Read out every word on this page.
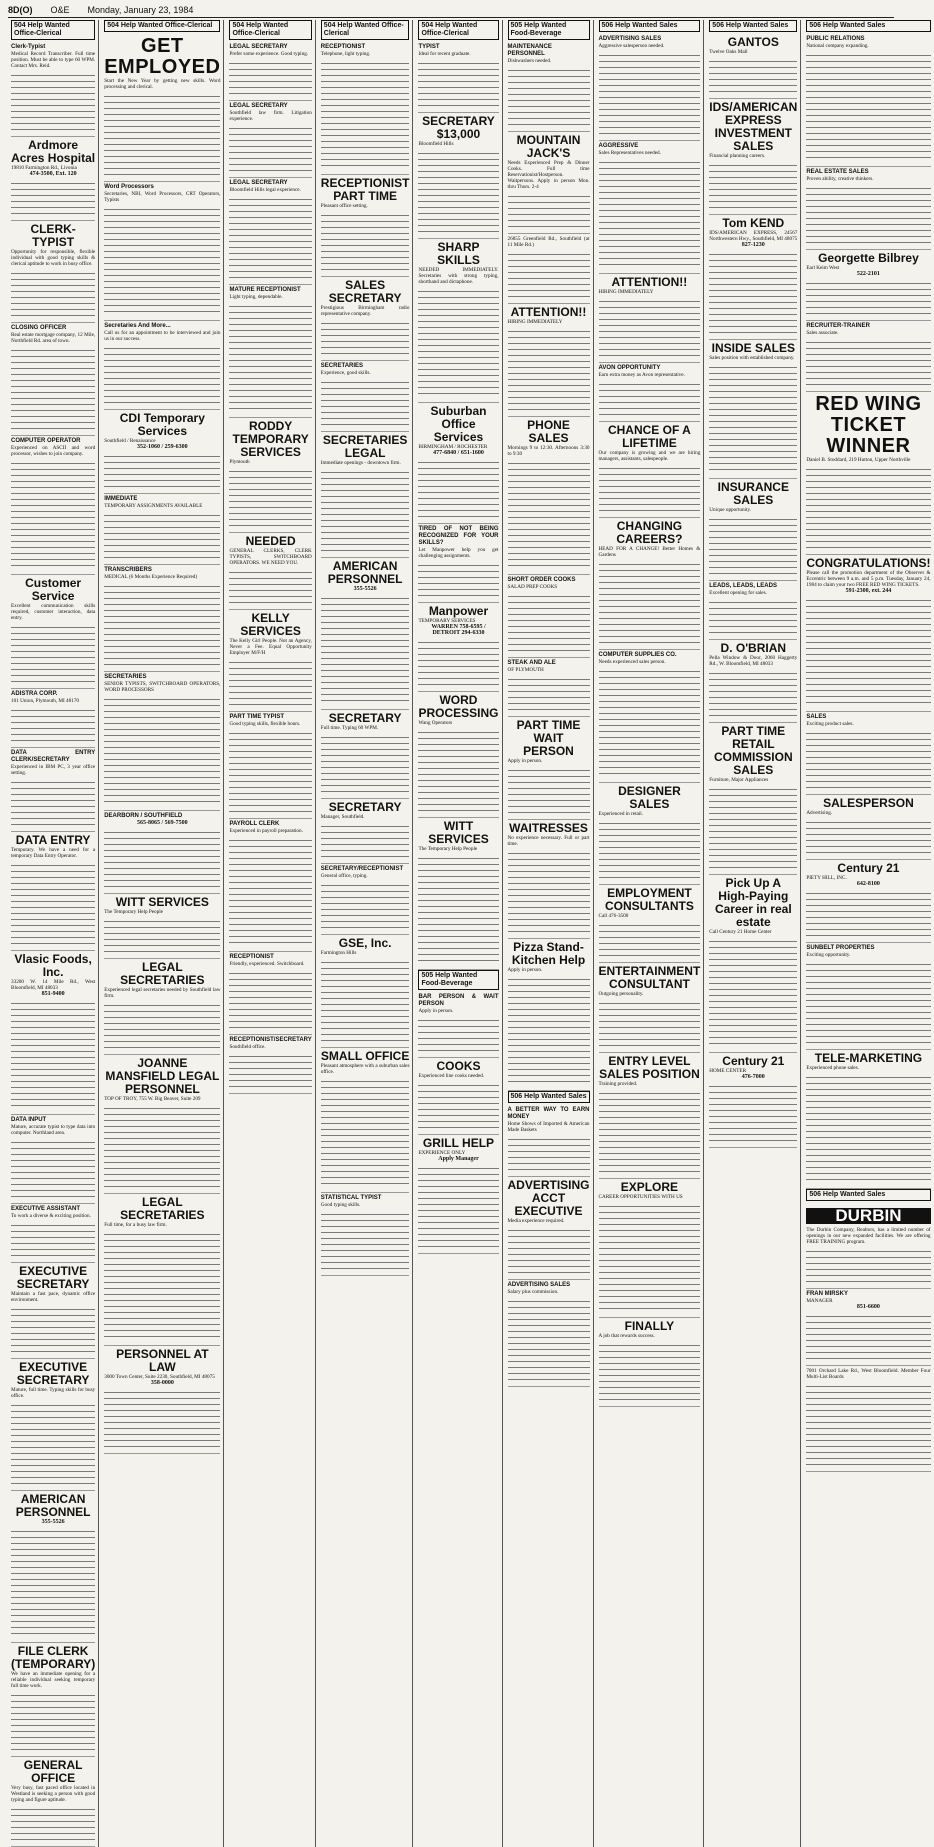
8D(O) O&E Monday, January 23, 1984
504 Help Wanted Office-Clerical
Clerk-Typist
Medical Record Transcriber. Full time position. Must be able to type 60 WPM. Contact Mrs. Reid.
Ardmore Acres Hospital
19810 Farmington Rd., Livonia
474-3500, Ext. 120
CLERK-TYPIST
Opportunity for responsible, flexible individual with good typing skills & clerical aptitude to work in busy office.
CLOSING OFFICER
Real estate mortgage company, 12 Mile, Northfield Rd. area of town.
COMPUTER OPERATOR
Experienced on ASCII and word processor, wishes to join company.
Customer Service
Excellent communication skills required, customer interaction, data entry.
ADISTRA CORP.
101 Union, Plymouth, MI 48170
DATA ENTRY CLERK/SECRETARY
Experienced in IBM PC, 3 year office setting.
DATA ENTRY
Temporary. We have a need for a temporary Data Entry Operator.
Vlasic Foods, Inc.
33200 W. 14 Mile Rd., West Bloomfield, MI 48033
851-9400
DATA INPUT
Mature, accurate typist to type data into computer. Northland area.
EXECUTIVE ASSISTANT
To work a diverse & exciting position.
EXECUTIVE SECRETARY
Maintain a fast pace, dynamic office environment.
EXECUTIVE SECRETARY
Mature, full time. Typing skills for busy office.
AMERICAN PERSONNEL
355-5526
FILE CLERK (TEMPORARY)
We have an immediate opening for a reliable individual seeking temporary full time work.
GENERAL OFFICE
Very busy, fast paced office located in Westland is seeking a person with good typing and figure aptitude.
504 Help Wanted Office-Clerical
GET EMPLOYED
Start the New Year by getting new skills. Word processing and clerical.
Word Processors
Secretaries, NBI, Word Processors, CRT Operators, Typists
Secretaries And More...
Call us for an appointment to be interviewed and join us in our success.
CDI Temporary Services
Southfield / Renaissance
352-1060 / 259-6300
IMMEDIATE
TEMPORARY ASSIGNMENTS AVAILABLE
TRANSCRIBERS
MEDICAL (6 Months Experience Required)
SECRETARIES
SENIOR TYPISTS, SWITCHBOARD OPERATORS, WORD PROCESSORS
DEARBORN / SOUTHFIELD
565-8065 / 569-7500
WITT SERVICES
The Temporary Help People
LEGAL SECRETARIES
Experienced legal secretaries needed by Southfield law firm.
JOANNE MANSFIELD LEGAL PERSONNEL
TOP OF TROY, 755 W. Big Beaver, Suite 209
LEGAL SECRETARIES
Full time, for a busy law firm.
PERSONNEL AT LAW
3000 Town Center, Suite 2230, Southfield, MI 48075
358-0000
504 Help Wanted Office-Clerical
LEGAL SECRETARY
Prefer some experience. Good typing.
LEGAL SECRETARY
Southfield law firm. Litigation experience.
LEGAL SECRETARY
Bloomfield Hills legal experience.
MATURE RECEPTIONIST
Light typing, dependable.
RODDY TEMPORARY SERVICES
Plymouth
NEEDED
GENERAL CLERKS, CLERK TYPISTS, SWITCHBOARD OPERATORS. WE NEED YOU.
KELLY SERVICES
The Kelly Girl People. Not an Agency, Never a Fee. Equal Opportunity Employer M/F/H
PART TIME TYPIST
Good typing skills, flexible hours.
PAYROLL CLERK
Experienced in payroll preparation.
RECEPTIONIST
Friendly, experienced. Switchboard.
RECEPTIONIST/SECRETARY
Southfield office.
504 Help Wanted Office-Clerical
RECEPTIONIST
Telephone, light typing.
RECEPTIONIST PART TIME
Pleasant office setting.
SALES SECRETARY
Prestigious Birmingham radio representative company.
SECRETARIES
Experience, good skills.
SECRETARIES LEGAL
Immediate openings - downtown firm.
AMERICAN PERSONNEL
355-5526
SECRETARY
Full time. Typing 60 WPM.
SECRETARY
Manager, Southfield.
SECRETARY/RECEPTIONIST
General office, typing.
GSE, Inc.
Farmington Hills
SMALL OFFICE
Pleasant atmosphere with a suburban sales office.
STATISTICAL TYPIST
Good typing skills.
504 Help Wanted Office-Clerical
TYPIST
Ideal for recent graduate.
SECRETARY $13,000
Bloomfield Hills
SHARP SKILLS
NEEDED IMMEDIATELY. Secretaries with strong typing, shorthand and dictaphone.
Suburban Office Services
BIRMINGHAM / ROCHESTER
477-6840 / 651-1600
TIRED OF NOT BEING RECOGNIZED FOR YOUR SKILLS?
Let Manpower help you get challenging assignments.
Manpower
TEMPORARY SERVICES
WARREN 758-6595 / DETROIT 294-6330
WORD PROCESSING
Wang Operators
WITT SERVICES
The Temporary Help People
505 Help Wanted Food-Beverage
BAR PERSON & WAIT PERSON
Apply in person.
COOKS
Experienced line cooks needed.
GRILL HELP
EXPERIENCE ONLY
Apply Manager
505 Help Wanted Food-Beverage
MAINTENANCE PERSONNEL
Dishwashers needed.
MOUNTAIN JACK'S
Needs Experienced Prep & Dinner Cooks. Full time Reservationist/Hostperson. Waitpersons. Apply in person Mon. thru Thurs. 2-4
26855 Greenfield Rd., Southfield (at 11 Mile Rd.)
ATTENTION!!
HIRING IMMEDIATELY
PHONE SALES
Mornings 9 to 12:30. Afternoons 3:30 to 9:30
SHORT ORDER COOKS
SALAD PREP COOKS
STEAK AND ALE
OF PLYMOUTH
PART TIME WAIT PERSON
Apply in person.
WAITRESSES
No experience necessary. Full or part time.
Pizza Stand-Kitchen Help
Apply in person.
506 Help Wanted Sales
A BETTER WAY TO EARN MONEY
Home Shows of Imported & American Made Baskets
ADVERTISING ACCT EXECUTIVE
Media experience required.
ADVERTISING SALES
Salary plus commission.
506 Help Wanted Sales
ADVERTISING SALES
Aggressive salesperson needed.
AGGRESSIVE
Sales Representatives needed.
ATTENTION!!
HIRING IMMEDIATELY
AVON OPPORTUNITY
Earn extra money as Avon representative.
CHANCE OF A LIFETIME
Our company is growing and we are hiring managers, assistants, salespeople.
CHANGING CAREERS?
HEAD FOR A CHANGE! Better Homes & Gardens
COMPUTER SUPPLIES CO.
Needs experienced sales person.
DESIGNER SALES
Experienced in retail.
EMPLOYMENT CONSULTANTS
Call 476-3500
ENTERTAINMENT CONSULTANT
Outgoing personality.
ENTRY LEVEL SALES POSITION
Training provided.
EXPLORE
CAREER OPPORTUNITIES WITH US
FINALLY
A job that rewards success.
506 Help Wanted Sales
GANTOS
Twelve Oaks Mall
IDS/AMERICAN EXPRESS INVESTMENT SALES
Financial planning careers.
Tom KEND
IDS/AMERICAN EXPRESS, 24567 Northwestern Hwy., Southfield, MI 48075
827-1230
INSIDE SALES
Sales position with established company.
INSURANCE SALES
Unique opportunity.
LEADS, LEADS, LEADS
Excellent opening for sales.
D. O'BRIAN
Pella Window & Door, 2060 Haggerty Rd., W. Bloomfield, MI 48033
PART TIME RETAIL COMMISSION SALES
Furniture, Major Appliances
Pick Up A High-Paying Career in real estate
Call Century 21 Home Center
Century 21
HOME CENTER
476-7000
506 Help Wanted Sales
PUBLIC RELATIONS
National company expanding.
REAL ESTATE SALES
Proven ability, creative thinkers.
Georgette Bilbrey
Earl Keim West
522-2101
RECRUITER-TRAINER
Sales associate.
RED WING TICKET WINNER
Daniel B. Stoddard, 219 Hutton, Upper Northville
CONGRATULATIONS!
Please call the promotion department of the Observer & Eccentric between 9 a.m. and 5 p.m. Tuesday, January 24, 1984 to claim your two FREE RED WING TICKETS.
591-2300, ext. 244
SALES
Exciting product sales.
SALESPERSON
Advertising.
Century 21
PIETY HILL, INC.
642-8100
SUNBELT PROPERTIES
Exciting opportunity.
TELE-MARKETING
Experienced phone sales.
506 Help Wanted Sales
DURBIN
The Durbin Company, Realtors, has a limited number of openings in our new expanded facilities. We are offering FREE TRAINING program.
FRAN MIRSKY
MANAGER
851-6600
7001 Orchard Lake Rd., West Bloomfield. Member Four Multi-List Boards
